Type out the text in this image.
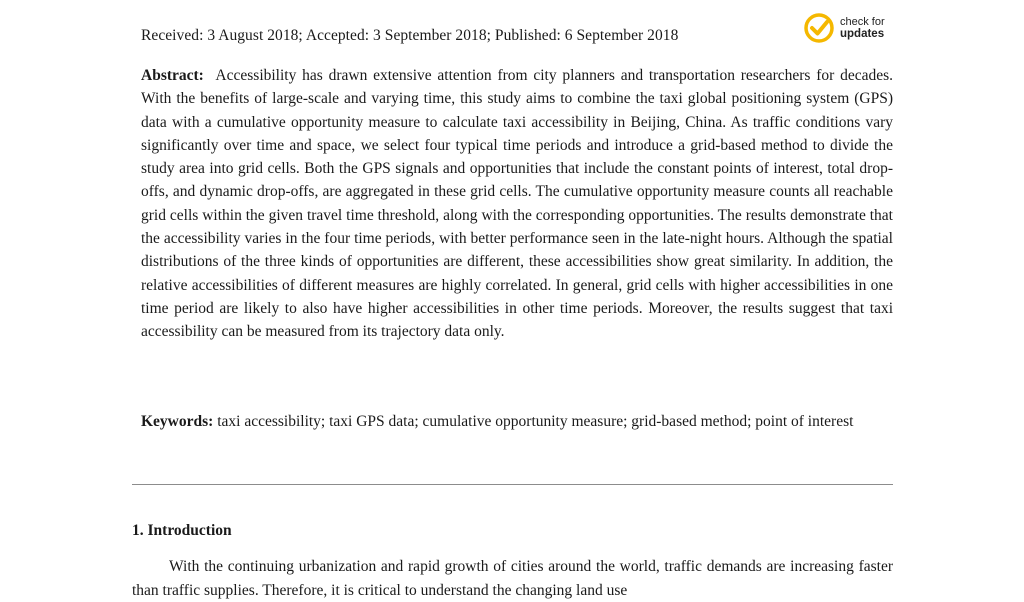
Received: 3 August 2018; Accepted: 3 September 2018; Published: 6 September 2018
check for
updates

Abstract: Accessibility has drawn extensive attention from city planners and transportation researchers for decades. With the benefits of large-scale and varying time, this study aims to combine the taxi global positioning system (GPS) data with a cumulative opportunity measure to calculate taxi accessibility in Beijing, China. As traffic conditions vary significantly over time and space, we select four typical time periods and introduce a grid-based method to divide the study area into grid cells. Both the GPS signals and opportunities that include the constant points of interest, total drop-offs, and dynamic drop-offs, are aggregated in these grid cells. The cumulative opportunity measure counts all reachable grid cells within the given travel time threshold, along with the corresponding opportunities. The results demonstrate that the accessibility varies in the four time periods, with better performance seen in the late-night hours. Although the spatial distributions of the three kinds of opportunities are different, these accessibilities show great similarity. In addition, the relative accessibilities of different measures are highly correlated. In general, grid cells with higher accessibilities in one time period are likely to also have higher accessibilities in other time periods. Moreover, the results suggest that taxi accessibility can be measured from its trajectory data only.

Keywords: taxi accessibility; taxi GPS data; cumulative opportunity measure; grid-based method; point of interest

1. Introduction

With the continuing urbanization and rapid growth of cities around the world, traffic demands are increasing faster than traffic supplies. Therefore, it is critical to understand the changing land use
